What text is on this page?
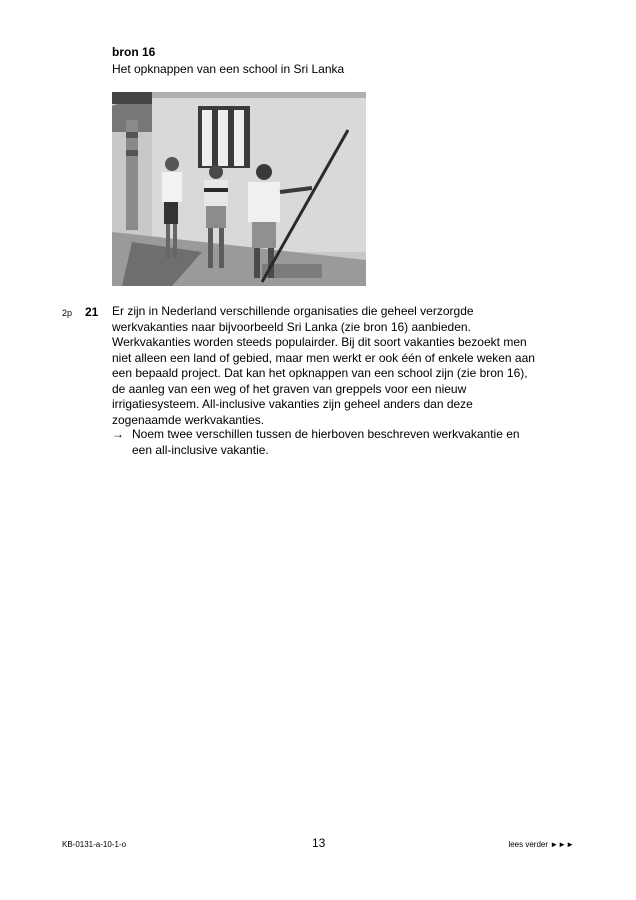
bron 16
Het opknappen van een school in Sri Lanka
2p 21 Er zijn in Nederland verschillende organisaties die geheel verzorgde
werkvakanties naar bijvoorbeeld Sri Lanka (zie bron 16) aanbieden.
Werkvakanties worden steeds populairder. Bij dit soort vakanties bezoekt men
niet alleen een land of gebied, maar men werkt er ook één of enkele weken aan
een bepaald project. Dat kan het opknappen van een school zijn (zie bron 16),
de aanleg van een weg of het graven van greppels voor een nieuw
irrigatiesysteem. All-inclusive vakanties zijn geheel anders dan deze
zogenaamde werkvakanties.
→ Noem twee verschillen tussen de hierboven beschreven werkvakantie en
een all-inclusive vakantie.
KB-0131-a-10-1-o	13	lees verder ►►►
